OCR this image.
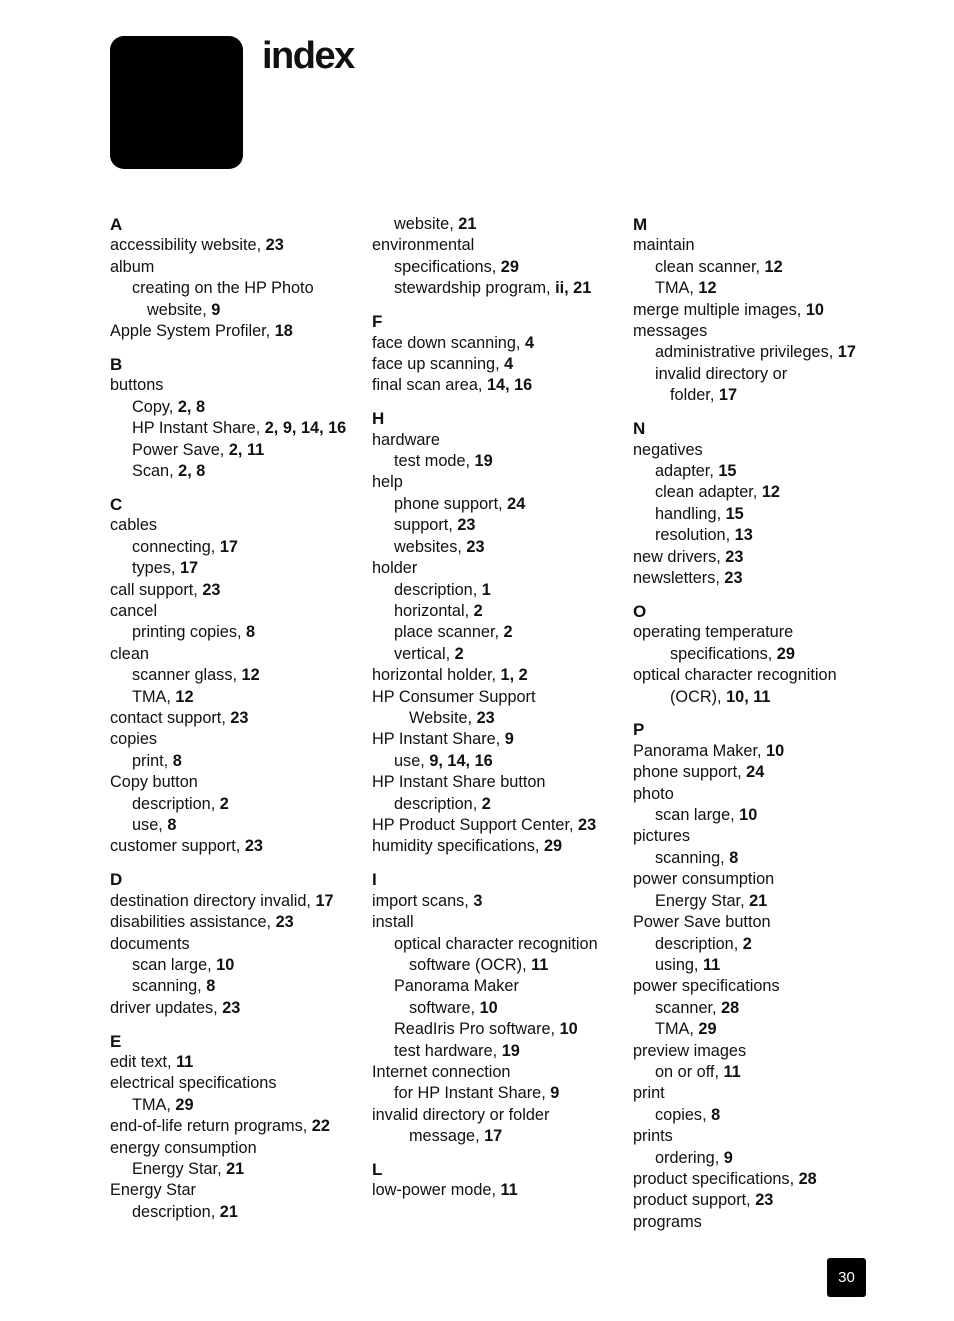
index
A
accessibility website, 23
album
creating on the HP Photo
website, 9
Apple System Profiler, 18
B
buttons
Copy, 2, 8
HP Instant Share, 2, 9, 14, 16
Power Save, 2, 11
Scan, 2, 8
C
cables
connecting, 17
types, 17
call support, 23
cancel
printing copies, 8
clean
scanner glass, 12
TMA, 12
contact support, 23
copies
print, 8
Copy button
description, 2
use, 8
customer support, 23
D
destination directory invalid, 17
disabilities assistance, 23
documents
scan large, 10
scanning, 8
driver updates, 23
E
edit text, 11
electrical specifications
TMA, 29
end-of-life return programs, 22
energy consumption
Energy Star, 21
Energy Star
description, 21
website, 21
environmental
specifications, 29
stewardship program, ii, 21
F
face down scanning, 4
face up scanning, 4
final scan area, 14, 16
H
hardware
test mode, 19
help
phone support, 24
support, 23
websites, 23
holder
description, 1
horizontal, 2
place scanner, 2
vertical, 2
horizontal holder, 1, 2
HP Consumer Support
Website, 23
HP Instant Share, 9
use, 9, 14, 16
HP Instant Share button
description, 2
HP Product Support Center, 23
humidity specifications, 29
I
import scans, 3
install
optical character recognition
software (OCR), 11
Panorama Maker
software, 10
ReadIris Pro software, 10
test hardware, 19
Internet connection
for HP Instant Share, 9
invalid directory or folder
message, 17
L
low-power mode, 11
M
maintain
clean scanner, 12
TMA, 12
merge multiple images, 10
messages
administrative privileges, 17
invalid directory or
folder, 17
N
negatives
adapter, 15
clean adapter, 12
handling, 15
resolution, 13
new drivers, 23
newsletters, 23
O
operating temperature
specifications, 29
optical character recognition
(OCR), 10, 11
P
Panorama Maker, 10
phone support, 24
photo
scan large, 10
pictures
scanning, 8
power consumption
Energy Star, 21
Power Save button
description, 2
using, 11
power specifications
scanner, 28
TMA, 29
preview images
on or off, 11
print
copies, 8
prints
ordering, 9
product specifications, 28
product support, 23
programs
30
